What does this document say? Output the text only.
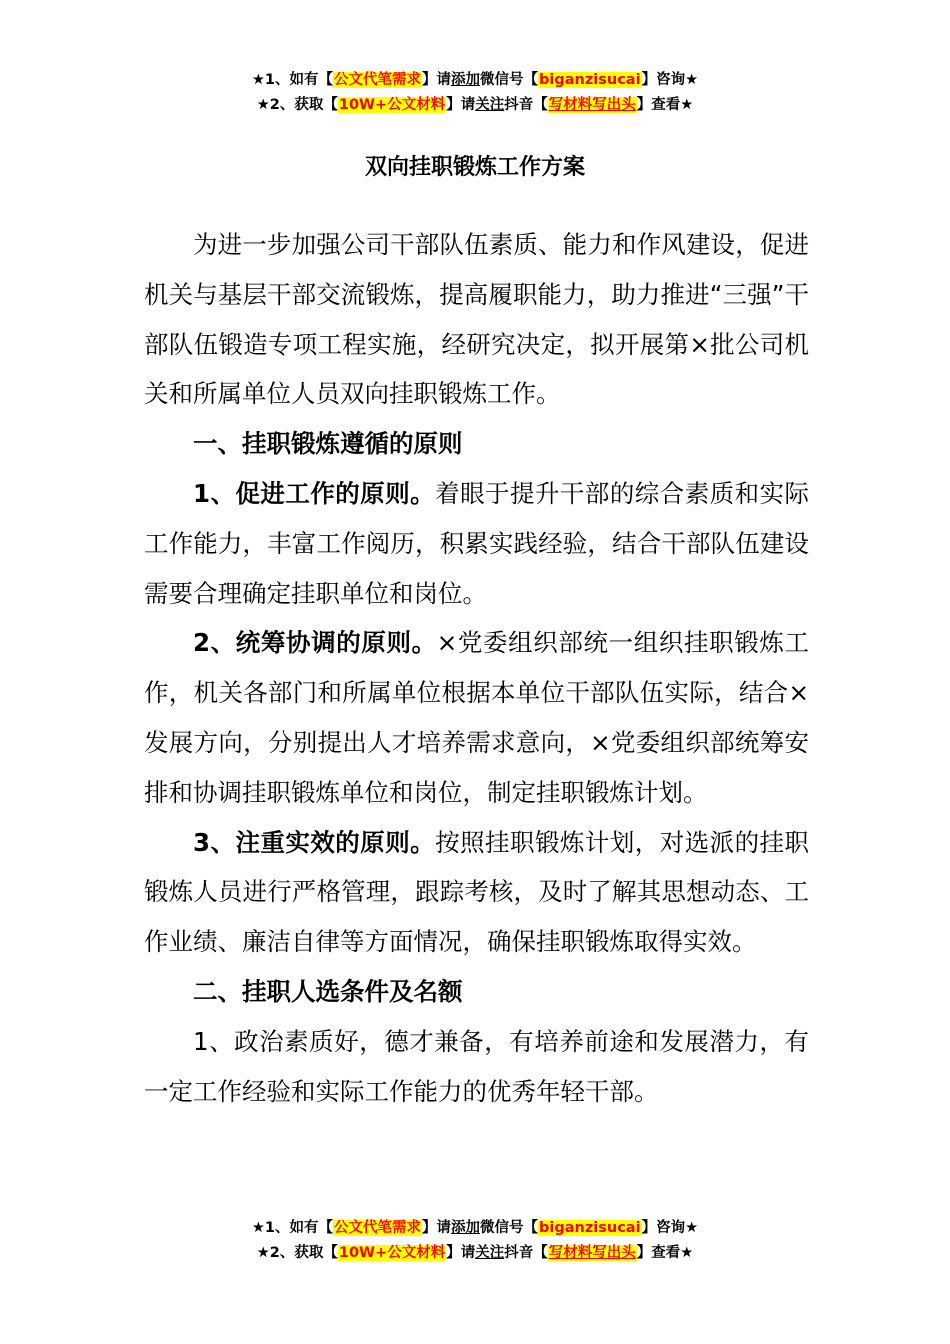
★1、如有【公文代笔需求】请添加微信号【biganzisucai】咨询★
★2、获取【10W+公文材料】请关注抖音【写材料写出头】查看★
双向挂职锻炼工作方案

为进一步加强公司干部队伍素质、能力和作风建设，促进机关与基层干部交流锻炼，提高履职能力，助力推进“三强”干部队伍锻造专项工程实施，经研究决定，拟开展第×批公司机关和所属单位人员双向挂职锻炼工作。

一、挂职锻炼遵循的原则

1、促进工作的原则。着眼于提升干部的综合素质和实际工作能力，丰富工作阅历，积累实践经验，结合干部队伍建设需要合理确定挂职单位和岗位。

2、统筹协调的原则。×党委组织部统一组织挂职锻炼工作，机关各部门和所属单位根据本单位干部队伍实际，结合×发展方向，分别提出人才培养需求意向，×党委组织部统筹安排和协调挂职锻炼单位和岗位，制定挂职锻炼计划。

3、注重实效的原则。按照挂职锻炼计划，对选派的挂职锻炼人员进行严格管理，跟踪考核，及时了解其思想动态、工作业绩、廉洁自律等方面情况，确保挂职锻炼取得实效。

二、挂职人选条件及名额

1、政治素质好，德才兼备，有培养前途和发展潜力，有一定工作经验和实际工作能力的优秀年轻干部。

★1、如有【公文代笔需求】请添加微信号【biganzisucai】咨询★
★2、获取【10W+公文材料】请关注抖音【写材料写出头】查看★
